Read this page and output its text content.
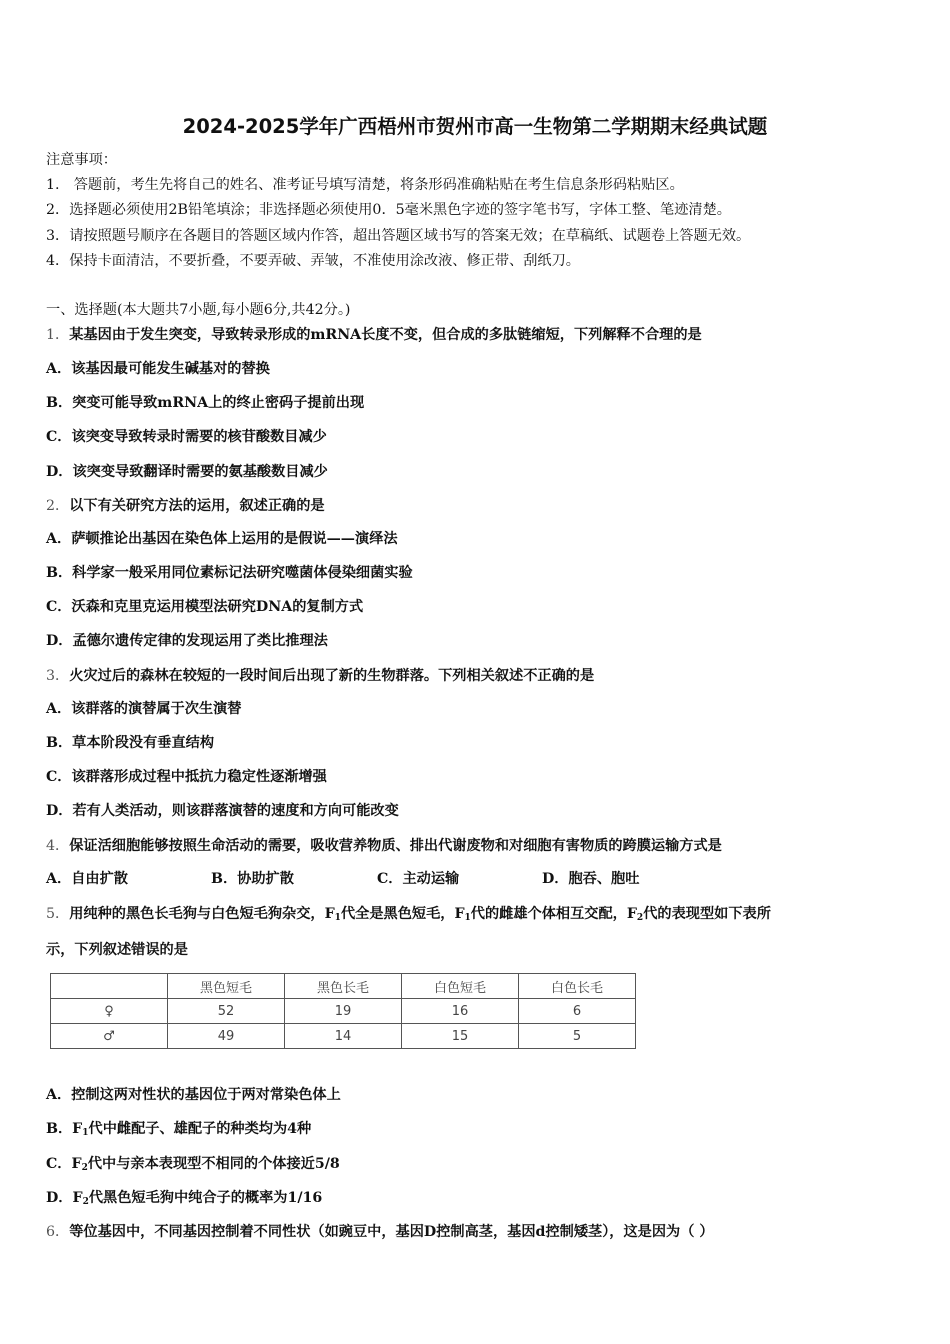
2024-2025学年广西梧州市贺州市高一生物第二学期期末经典试题
注意事项：
1.　答题前，考生先将自己的姓名、准考证号填写清楚，将条形码准确粘贴在考生信息条形码粘贴区。
2．选择题必须使用2B铅笔填涂；非选择题必须使用0．5毫米黑色字迹的签字笔书写，字体工整、笔迹清楚。
3．请按照题号顺序在各题目的答题区域内作答，超出答题区域书写的答案无效；在草稿纸、试题卷上答题无效。
4．保持卡面清洁，不要折叠，不要弄破、弄皱，不准使用涂改液、修正带、刮纸刀。
一、选择题(本大题共7小题,每小题6分,共42分。)
1．某基因由于发生突变，导致转录形成的mRNA长度不变，但合成的多肽链缩短，下列解释不合理的是
A．该基因最可能发生碱基对的替换
B．突变可能导致mRNA上的终止密码子提前出现
C．该突变导致转录时需要的核苷酸数目减少
D．该突变导致翻译时需要的氨基酸数目减少
2．以下有关研究方法的运用，叙述正确的是
A．萨顿推论出基因在染色体上运用的是假说——演绎法
B．科学家一般采用同位素标记法研究噬菌体侵染细菌实验
C．沃森和克里克运用模型法研究DNA的复制方式
D．孟德尔遗传定律的发现运用了类比推理法
3．火灾过后的森林在较短的一段时间后出现了新的生物群落。下列相关叙述不正确的是
A．该群落的演替属于次生演替
B．草本阶段没有垂直结构
C．该群落形成过程中抵抗力稳定性逐渐增强
D．若有人类活动，则该群落演替的速度和方向可能改变
4．保证活细胞能够按照生命活动的需要，吸收营养物质、排出代谢废物和对细胞有害物质的跨膜运输方式是
A．自由扩散	B．协助扩散	C．主动运输	D．胞吞、胞吐
5．用纯种的黑色长毛狗与白色短毛狗杂交，$F_1$代全是黑色短毛，$F_1$代的雌雄个体相互交配，$F_2$代的表现型如下表所
示，下列叙述错误的是
	黑色短毛	黑色长毛	白色短毛	白色长毛
♀	52	19	16	6
♂	49	14	15	5
A．控制这两对性状的基因位于两对常染色体上
B．$F_1$代中雌配子、雄配子的种类均为4种
C．$F_2$代中与亲本表现型不相同的个体接近5/8
D．$F_2$代黑色短毛狗中纯合子的概率为1/16
6．等位基因中，不同基因控制着不同性状（如豌豆中，基因D控制高茎，基因d控制矮茎），这是因为（ ）
